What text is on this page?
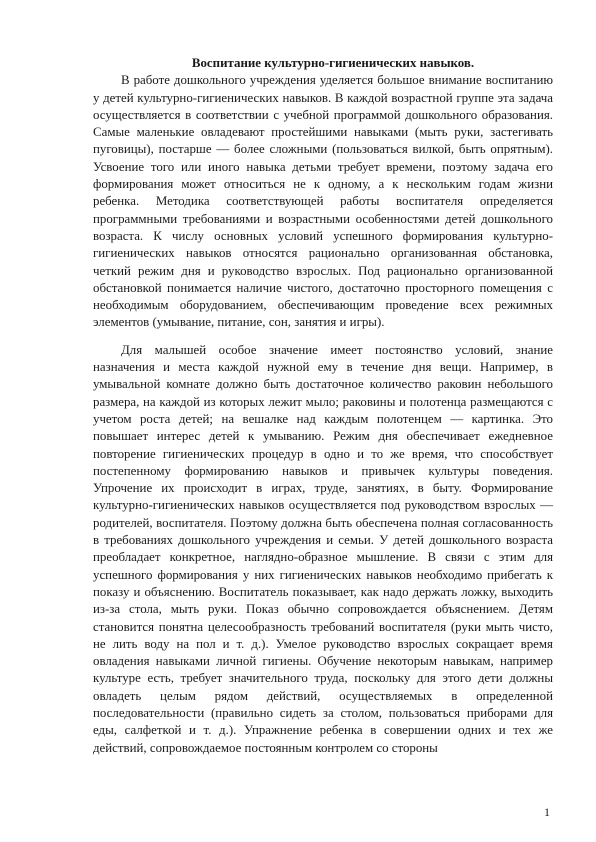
Воспитание культурно-гигиенических навыков.

В работе дошкольного учреждения уделяется большое внимание воспитанию у детей культурно-гигиенических навыков. В каждой возрастной группе эта задача осуществляется в соответствии с учебной программой дошкольного образования. Самые маленькие овладевают простейшими навыками (мыть руки, застегивать пуговицы), постарше — более сложными (пользоваться вилкой, быть опрятным). Усвоение того или иного навыка детьми требует времени, поэтому задача его формирования может относиться не к одному, а к нескольким годам жизни ребенка. Методика соответствующей работы воспитателя определяется программными требованиями и возрастными особенностями детей дошкольного возраста. К числу основных условий успешного формирования культурно-гигиенических навыков относятся рационально организованная обстановка, четкий режим дня и руководство взрослых. Под рационально организованной обстановкой понимается наличие чистого, достаточно просторного помещения с необходимым оборудованием, обеспечивающим проведение всех режимных элементов (умывание, питание, сон, занятия и игры).

Для малышей особое значение имеет постоянство условий, знание назначения и места каждой нужной ему в течение дня вещи. Например, в умывальной комнате должно быть достаточное количество раковин небольшого размера, на каждой из которых лежит мыло; раковины и полотенца размещаются с учетом роста детей; на вешалке над каждым полотенцем — картинка. Это повышает интерес детей к умыванию. Режим дня обеспечивает ежедневное повторение гигиенических процедур в одно и то же время, что способствует постепенному формированию навыков и привычек культуры поведения. Упрочение их происходит в играх, труде, занятиях, в быту. Формирование культурно-гигиенических навыков осуществляется под руководством взрослых — родителей, воспитателя. Поэтому должна быть обеспечена полная согласованность в требованиях дошкольного учреждения и семьи. У детей дошкольного возраста преобладает конкретное, наглядно-образное мышление. В связи с этим для успешного формирования у них гигиенических навыков необходимо прибегать к показу и объяснению. Воспитатель показывает, как надо держать ложку, выходить из-за стола, мыть руки. Показ обычно сопровождается объяснением. Детям становится понятна целесообразность требований воспитателя (руки мыть чисто, не лить воду на пол и т. д.). Умелое руководство взрослых сокращает время овладения навыками личной гигиены. Обучение некоторым навыкам, например культуре есть, требует значительного труда, поскольку для этого дети должны овладеть целым рядом действий, осуществляемых в определенной последовательности (правильно сидеть за столом, пользоваться приборами для еды, салфеткой и т. д.). Упражнение ребенка в совершении одних и тех же действий, сопровождаемое постоянным контролем со стороны

1
